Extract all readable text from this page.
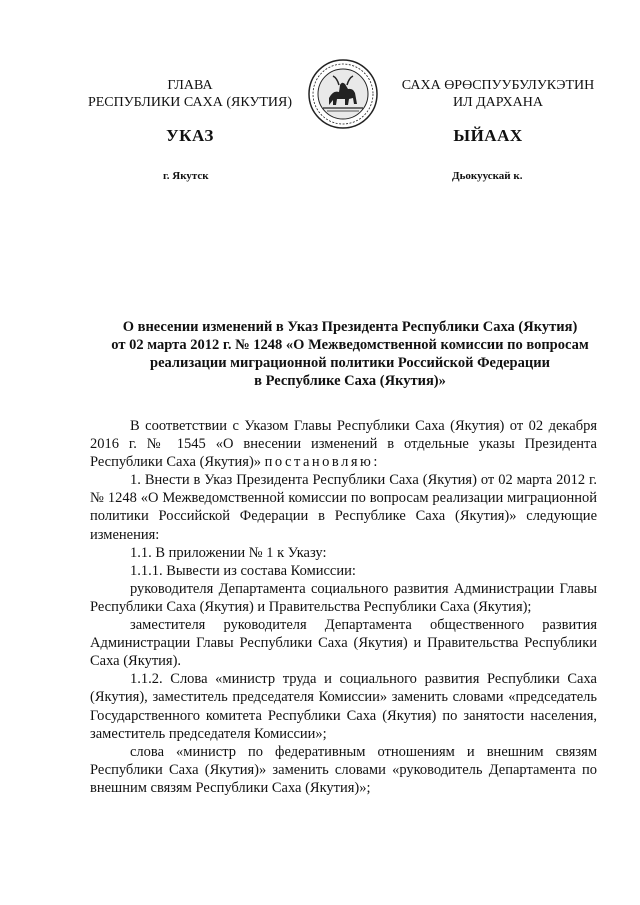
ГЛАВА
РЕСПУБЛИКИ САХА (ЯКУТИЯ)
САХА ӨРӨСПУУБУЛУКЭТИН
ИЛ ДАРХАНА
УКАЗ	ЫЙААХ
г. Якутск	Дьокуускай к.
О внесении изменений в Указ Президента Республики Саха (Якутия)
от 02 марта 2012 г. № 1248 «О Межведомственной комиссии по вопросам
реализации миграционной политики Российской Федерации
в Республике Саха (Якутия)»

В соответствии с Указом Главы Республики Саха (Якутия) от 02 декабря 2016 г. № 1545 «О внесении изменений в отдельные указы Президента Республики Саха (Якутия)» постановляю:

1. Внести в Указ Президента Республики Саха (Якутия) от 02 марта 2012 г. № 1248 «О Межведомственной комиссии по вопросам реализации миграционной политики Российской Федерации в Республике Саха (Якутия)» следующие изменения:

1.1. В приложении № 1 к Указу:

1.1.1. Вывести из состава Комиссии:

руководителя Департамента социального развития Администрации Главы Республики Саха (Якутия) и Правительства Республики Саха (Якутия);

заместителя руководителя Департамента общественного развития Администрации Главы Республики Саха (Якутия) и Правительства Республики Саха (Якутия).

1.1.2. Слова «министр труда и социального развития Республики Саха (Якутия), заместитель председателя Комиссии» заменить словами «председатель Государственного комитета Республики Саха (Якутия) по занятости населения, заместитель председателя Комиссии»;

слова «министр по федеративным отношениям и внешним связям Республики Саха (Якутия)» заменить словами «руководитель Департамента по внешним связям Республики Саха (Якутия)»;
